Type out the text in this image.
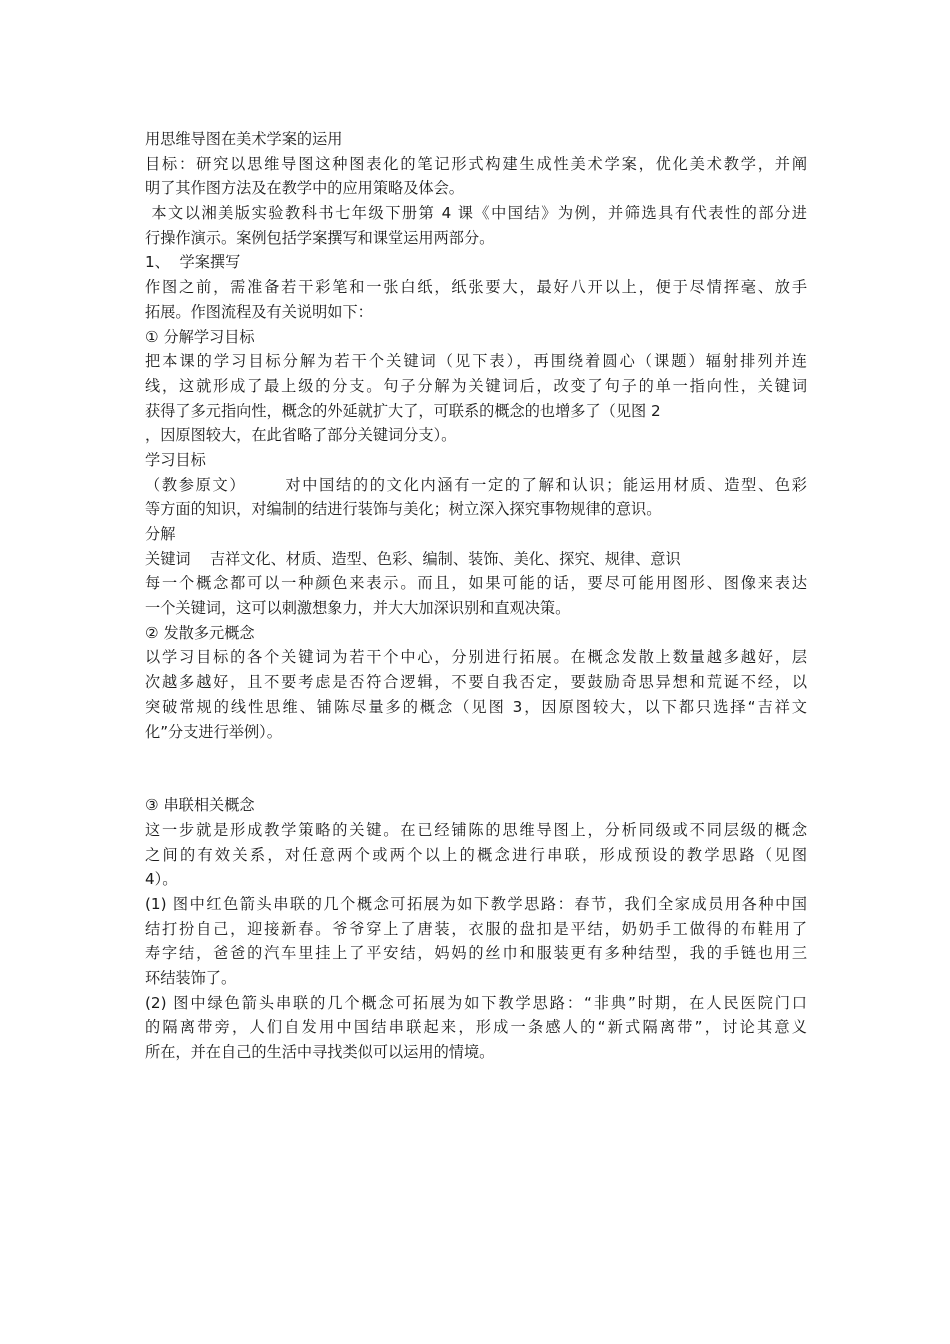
用思维导图在美术学案的运用
目标：研究以思维导图这种图表化的笔记形式构建生成性美术学案，优化美术教学，并阐
明了其作图方法及在教学中的应用策略及体会。
本文以湘美版实验教科书七年级下册第 4 课《中国结》为例，并筛选具有代表性的部分进
行操作演示。案例包括学案撰写和课堂运用两部分。
1、  学案撰写
作图之前，需准备若干彩笔和一张白纸，纸张要大，最好八开以上，便于尽情挥毫、放手
拓展。作图流程及有关说明如下：
① 分解学习目标
把本课的学习目标分解为若干个关键词（见下表），再围绕着圆心（课题）辐射排列并连
线，这就形成了最上级的分支。句子分解为关键词后，改变了句子的单一指向性，关键词
获得了多元指向性，概念的外延就扩大了，可联系的概念的也增多了（见图 2
，因原图较大，在此省略了部分关键词分支）。
学习目标
（教参原文）      对中国结的的文化内涵有一定的了解和认识；能运用材质、造型、色彩
等方面的知识，对编制的结进行装饰与美化；树立深入探究事物规律的意识。
分解
关键词    吉祥文化、材质、造型、色彩、编制、装饰、美化、探究、规律、意识
每一个概念都可以一种颜色来表示。而且，如果可能的话，要尽可能用图形、图像来表达
一个关键词，这可以刺激想象力，并大大加深识别和直观决策。
② 发散多元概念
以学习目标的各个关键词为若干个中心，分别进行拓展。在概念发散上数量越多越好，层
次越多越好，且不要考虑是否符合逻辑，不要自我否定，要鼓励奇思异想和荒诞不经，以
突破常规的线性思维、铺陈尽量多的概念（见图 3，因原图较大，以下都只选择“吉祥文
化”分支进行举例）。
③ 串联相关概念
这一步就是形成教学策略的关键。在已经铺陈的思维导图上，分析同级或不同层级的概念
之间的有效关系，对任意两个或两个以上的概念进行串联，形成预设的教学思路（见图
4）。
(1) 图中红色箭头串联的几个概念可拓展为如下教学思路：春节，我们全家成员用各种中国
结打扮自己，迎接新春。爷爷穿上了唐装，衣服的盘扣是平结，奶奶手工做得的布鞋用了
寿字结，爸爸的汽车里挂上了平安结，妈妈的丝巾和服装更有多种结型，我的手链也用三
环结装饰了。
(2) 图中绿色箭头串联的几个概念可拓展为如下教学思路：“非典”时期，在人民医院门口
的隔离带旁，人们自发用中国结串联起来，形成一条感人的“新式隔离带”，讨论其意义
所在，并在自己的生活中寻找类似可以运用的情境。
